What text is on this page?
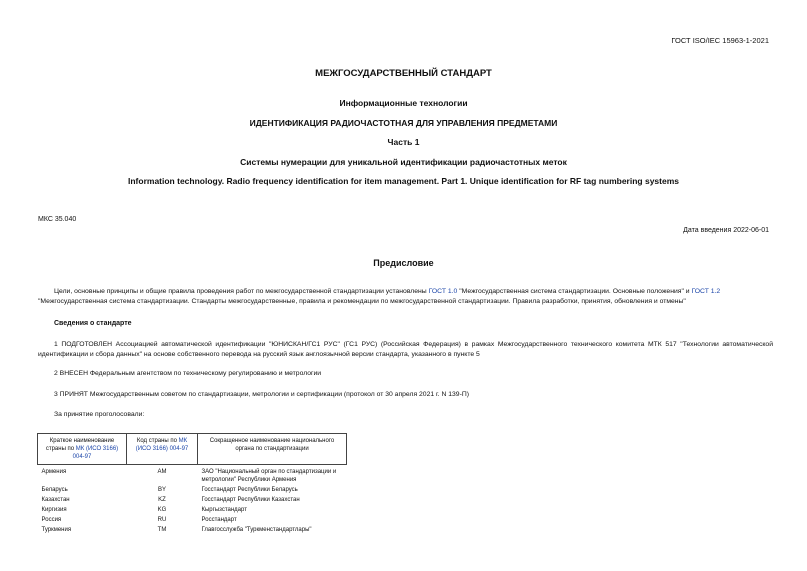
ГОСТ ISO/IEC 15963-1-2021
МЕЖГОСУДАРСТВЕННЫЙ СТАНДАРТ
Информационные технологии
ИДЕНТИФИКАЦИЯ РАДИОЧАСТОТНАЯ ДЛЯ УПРАВЛЕНИЯ ПРЕДМЕТАМИ
Часть 1
Системы нумерации для уникальной идентификации радиочастотных меток
Information technology. Radio frequency identification for item management. Part 1. Unique identification for RF tag numbering systems
МКС 35.040
Дата введения 2022-06-01
Предисловие
Цели, основные принципы и общие правила проведения работ по межгосударственной стандартизации установлены ГОСТ 1.0 "Межгосударственная система стандартизации. Основные положения" и ГОСТ 1.2 "Межгосударственная система стандартизации. Стандарты межгосударственные, правила и рекомендации по межгосударственной стандартизации. Правила разработки, принятия, обновления и отмены"
Сведения о стандарте
1 ПОДГОТОВЛЕН Ассоциацией автоматической идентификации "ЮНИСКАН/ГС1 РУС" (ГС1 РУС) (Российская Федерация) в рамках Межгосударственного технического комитета МТК 517 "Технологии автоматической идентификации и сбора данных" на основе собственного перевода на русский язык англоязычной версии стандарта, указанного в пункте 5
2 ВНЕСЕН Федеральным агентством по техническому регулированию и метрологии
3 ПРИНЯТ Межгосударственным советом по стандартизации, метрологии и сертификации (протокол от 30 апреля 2021 г. N 139-П)
За принятие проголосовали:
Краткое наименование страны по МК (ИСО 3166) 004-97	Код страны по МК (ИСО 3166) 004-97	Сокращенное наименование национального органа по стандартизации
Армения	AM	ЗАО "Национальный орган по стандартизации и метрологии" Республики Армения
Беларусь	BY	Госстандарт Республики Беларусь
Казахстан	KZ	Госстандарт Республики Казахстан
Киргизия	KG	Кыргызстандарт
Россия	RU	Росстандарт
Туркмения	TM	Главгосслужба "Туркменстандартлары"
